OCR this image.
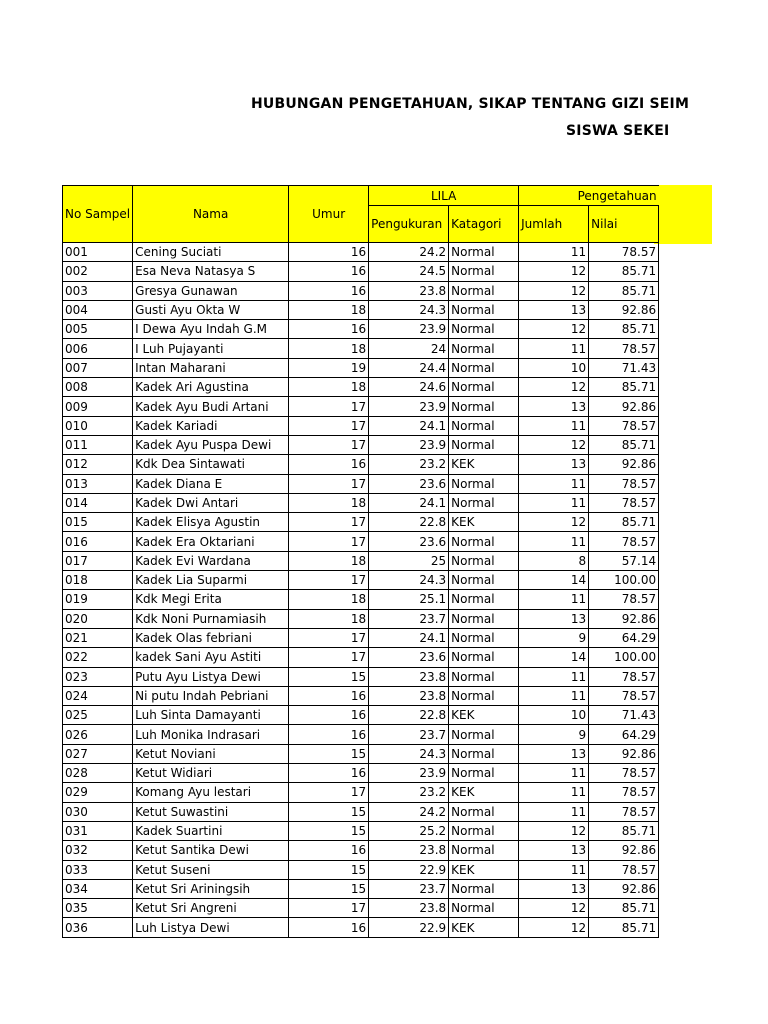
HUBUNGAN PENGETAHUAN, SIKAP TENTANG GIZI SEIM
SISWA SEKEI
No Sampel	Nama	Umur	LILA		Pengetahuan	
			Pengukuran	Katagori	Jumlah	Nilai
001	Cening Suciati	16	24.2	Normal	11	78.57
002	Esa Neva Natasya S	16	24.5	Normal	12	85.71
003	Gresya Gunawan	16	23.8	Normal	12	85.71
004	Gusti Ayu Okta W	18	24.3	Normal	13	92.86
005	I Dewa Ayu Indah G.M	16	23.9	Normal	12	85.71
006	I Luh Pujayanti	18	24	Normal	11	78.57
007	Intan Maharani	19	24.4	Normal	10	71.43
008	Kadek Ari Agustina	18	24.6	Normal	12	85.71
009	Kadek Ayu Budi Artani	17	23.9	Normal	13	92.86
010	Kadek Kariadi	17	24.1	Normal	11	78.57
011	Kadek Ayu Puspa Dewi	17	23.9	Normal	12	85.71
012	Kdk Dea Sintawati	16	23.2	KEK	13	92.86
013	Kadek Diana E	17	23.6	Normal	11	78.57
014	Kadek Dwi Antari	18	24.1	Normal	11	78.57
015	Kadek Elisya Agustin	17	22.8	KEK	12	85.71
016	Kadek Era Oktariani	17	23.6	Normal	11	78.57
017	Kadek Evi Wardana	18	25	Normal	8	57.14
018	Kadek Lia Suparmi	17	24.3	Normal	14	100.00
019	Kdk Megi Erita	18	25.1	Normal	11	78.57
020	Kdk Noni Purnamiasih	18	23.7	Normal	13	92.86
021	Kadek Olas febriani	17	24.1	Normal	9	64.29
022	kadek Sani Ayu Astiti	17	23.6	Normal	14	100.00
023	Putu Ayu Listya Dewi	15	23.8	Normal	11	78.57
024	Ni putu Indah Pebriani	16	23.8	Normal	11	78.57
025	Luh Sinta Damayanti	16	22.8	KEK	10	71.43
026	Luh Monika Indrasari	16	23.7	Normal	9	64.29
027	Ketut Noviani	15	24.3	Normal	13	92.86
028	Ketut Widiari	16	23.9	Normal	11	78.57
029	Komang Ayu lestari	17	23.2	KEK	11	78.57
030	Ketut Suwastini	15	24.2	Normal	11	78.57
031	Kadek Suartini	15	25.2	Normal	12	85.71
032	Ketut Santika Dewi	16	23.8	Normal	13	92.86
033	Ketut Suseni	15	22.9	KEK	11	78.57
034	Ketut Sri Ariningsih	15	23.7	Normal	13	92.86
035	Ketut Sri Angreni	17	23.8	Normal	12	85.71
036	Luh Listya Dewi	16	22.9	KEK	12	85.71
